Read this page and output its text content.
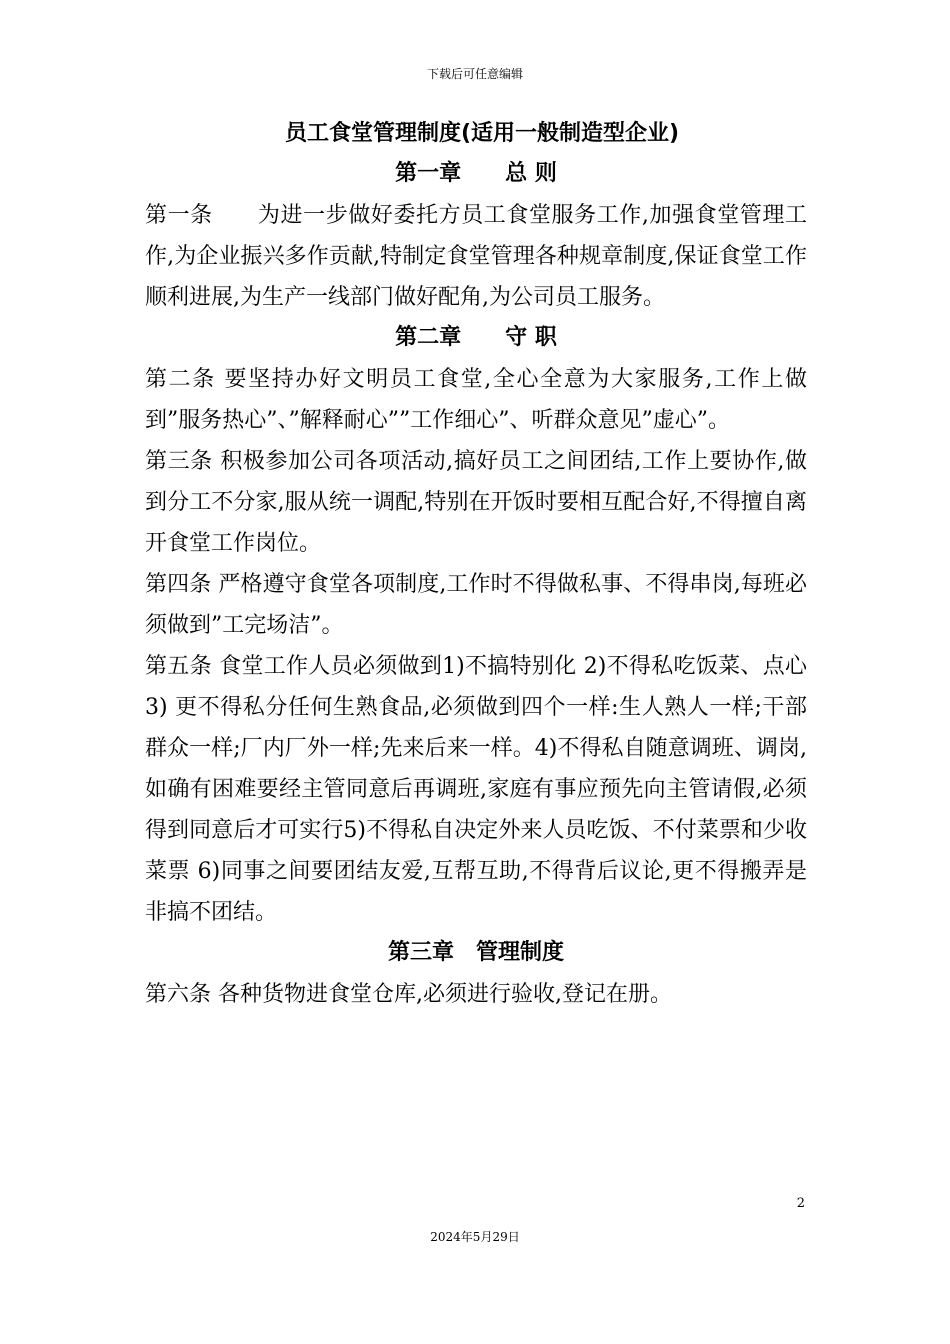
下载后可任意编辑
员工食堂管理制度(适用一般制造型企业)
第一章　　总 则

第一条　　为进一步做好委托方员工食堂服务工作,加强食堂管理工作,为企业振兴多作贡献,特制定食堂管理各种规章制度,保证食堂工作顺利进展,为生产一线部门做好配角,为公司员工服务。

第二章　　守 职

第二条 要坚持办好文明员工食堂,全心全意为大家服务,工作上做到”服务热心”、”解释耐心””工作细心”、听群众意见”虚心”。

第三条 积极参加公司各项活动,搞好员工之间团结,工作上要协作,做到分工不分家,服从统一调配,特别在开饭时要相互配合好,不得擅自离开食堂工作岗位。

第四条 严格遵守食堂各项制度,工作时不得做私事、不得串岗,每班必须做到”工完场洁”。

第五条 食堂工作人员必须做到1)不搞特别化 2)不得私吃饭菜、点心 3) 更不得私分任何生熟食品,必须做到四个一样:生人熟人一样;干部群众一样;厂内厂外一样;先来后来一样。4)不得私自随意调班、调岗,如确有困难要经主管同意后再调班,家庭有事应预先向主管请假,必须得到同意后才可实行5)不得私自决定外来人员吃饭、不付菜票和少收菜票 6)同事之间要团结友爱,互帮互助,不得背后议论,更不得搬弄是非搞不团结。

第三章　管理制度

第六条 各种货物进食堂仓库,必须进行验收,登记在册。

2
2024年5月29日
